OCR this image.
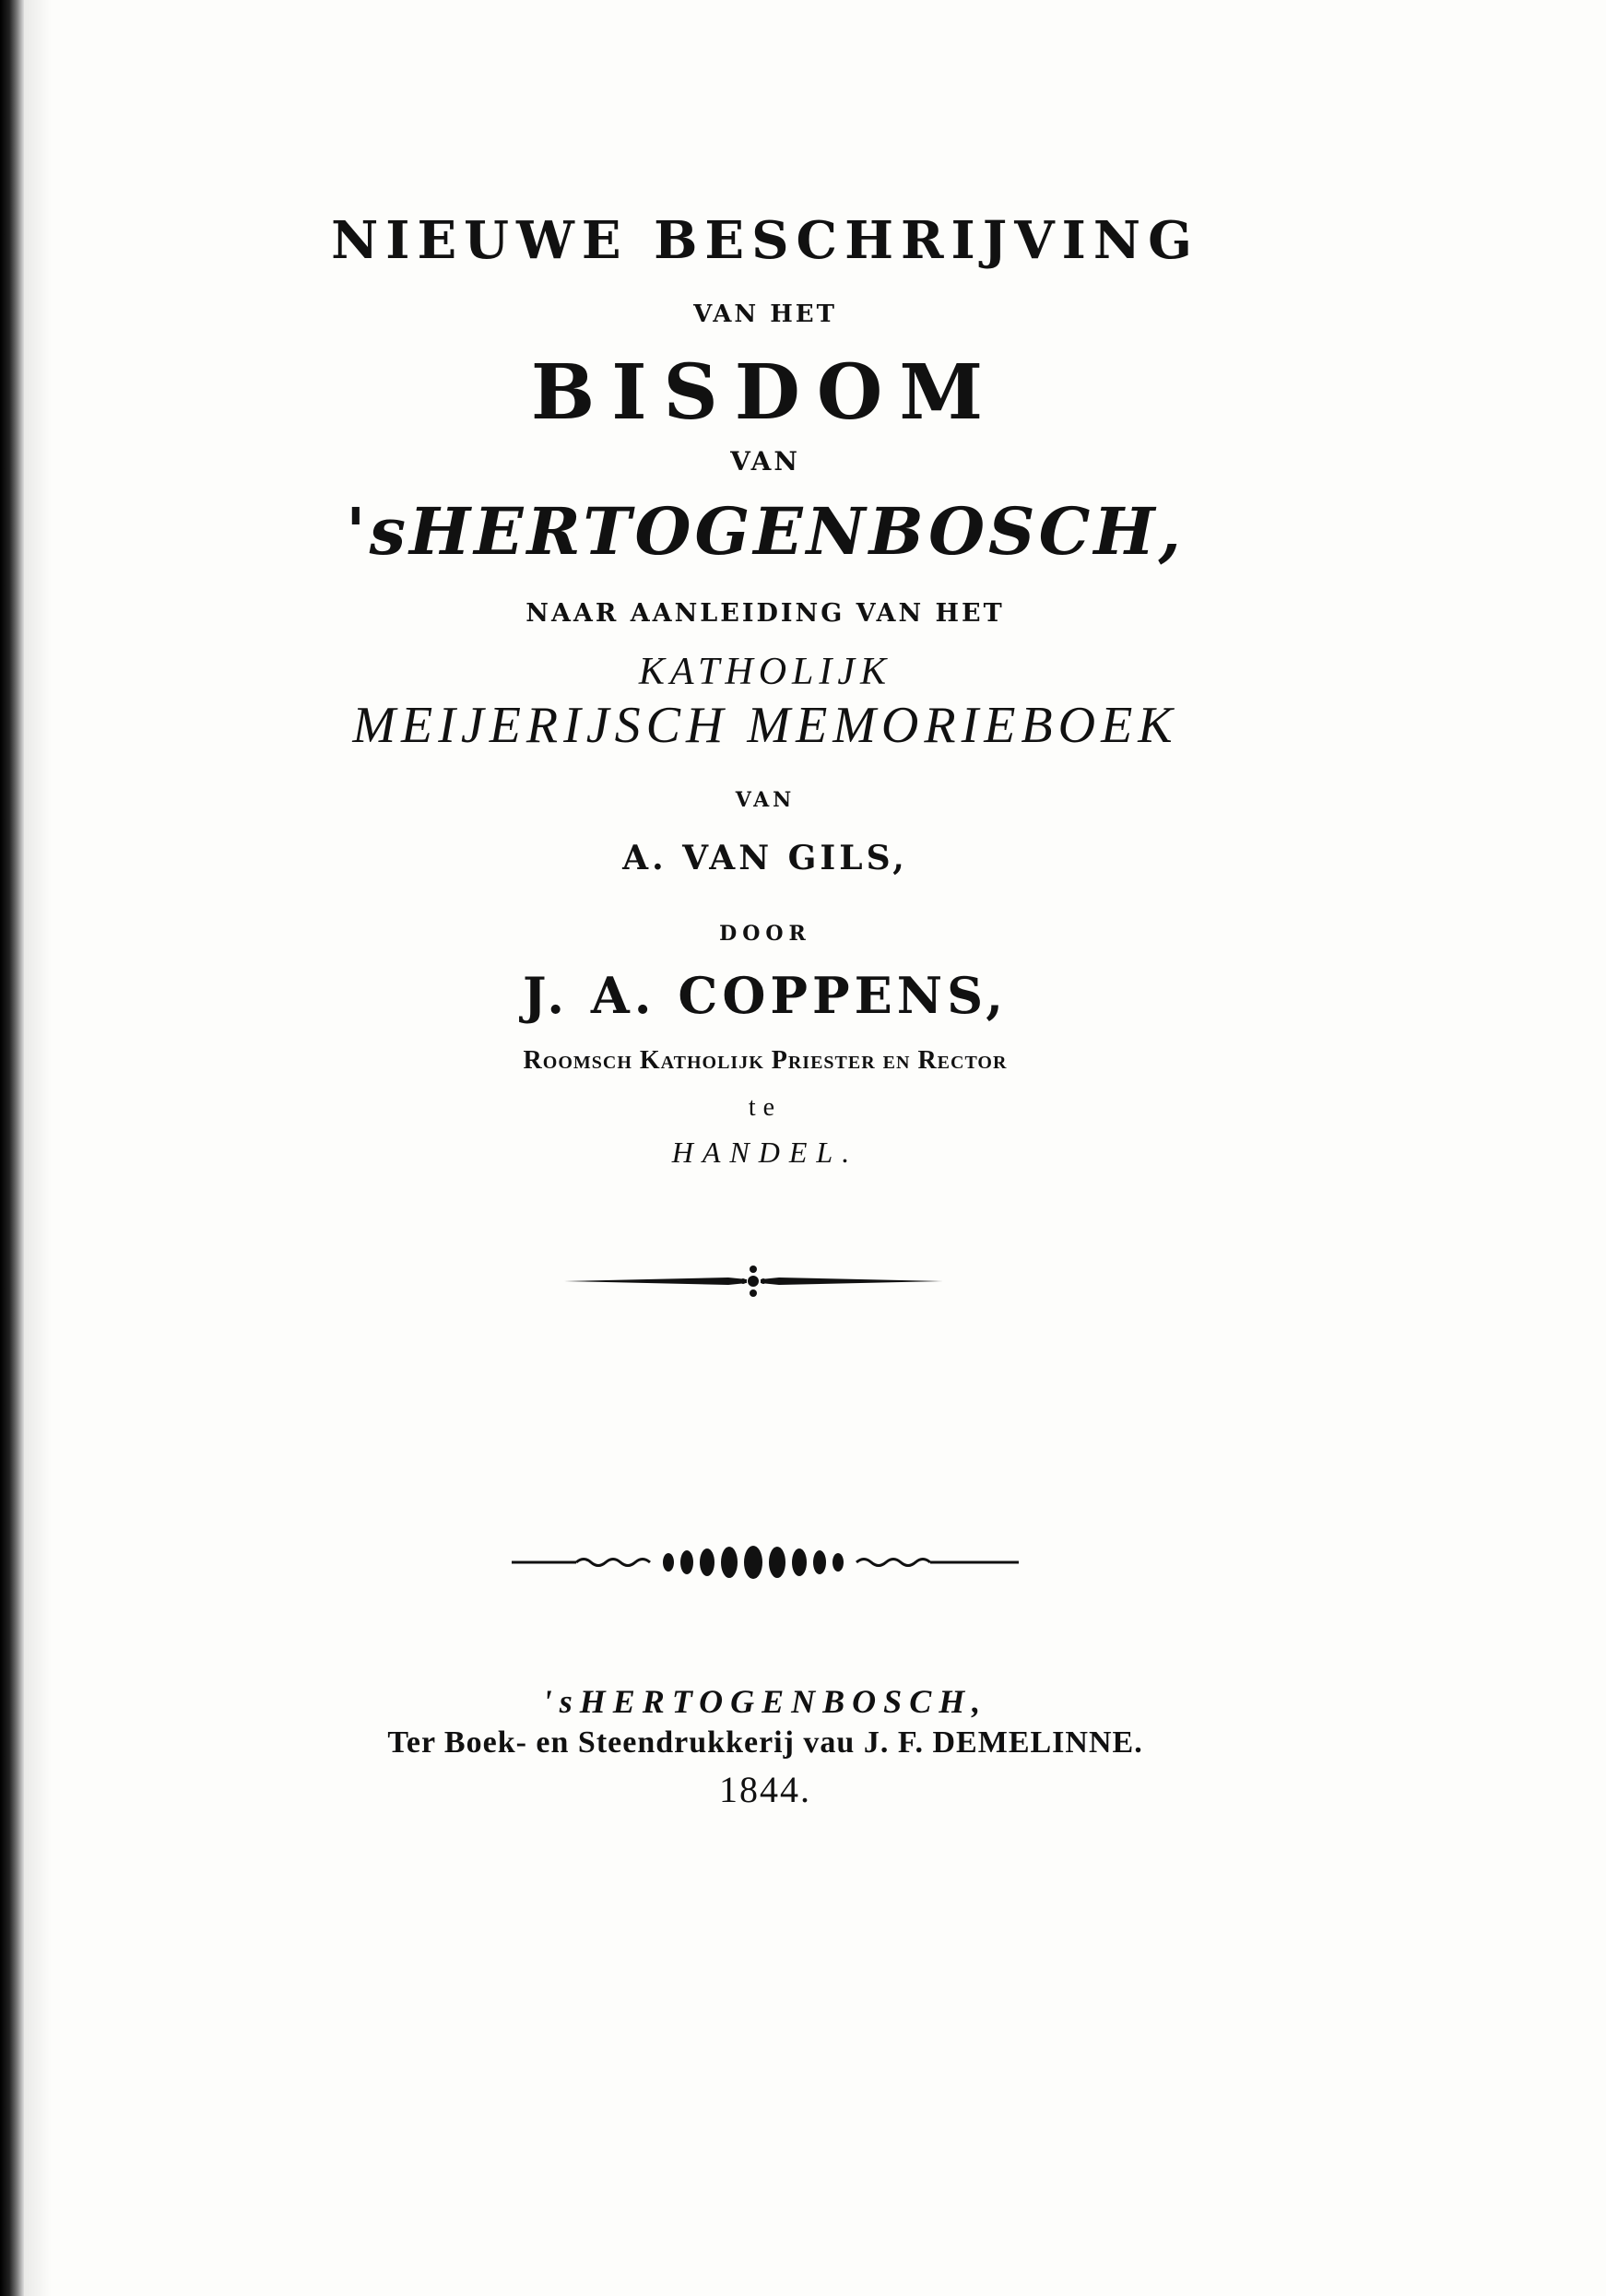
NIEUWE BESCHRIJVING
VAN HET
BISDOM
VAN
'sHERTOGENBOSCH,
NAAR AANLEIDING VAN HET
KATHOLIJK
MEIJERIJSCH MEMORIEBOEK
VAN
A. VAN GILS,
DOOR
J. A. COPPENS,
Roomsch Katholijk Priester en Rector
te
HANDEL.
'sHERTOGENBOSCH,
Ter Boek- en Steendrukkerij vau J. F. DEMELINNE.
1844.
